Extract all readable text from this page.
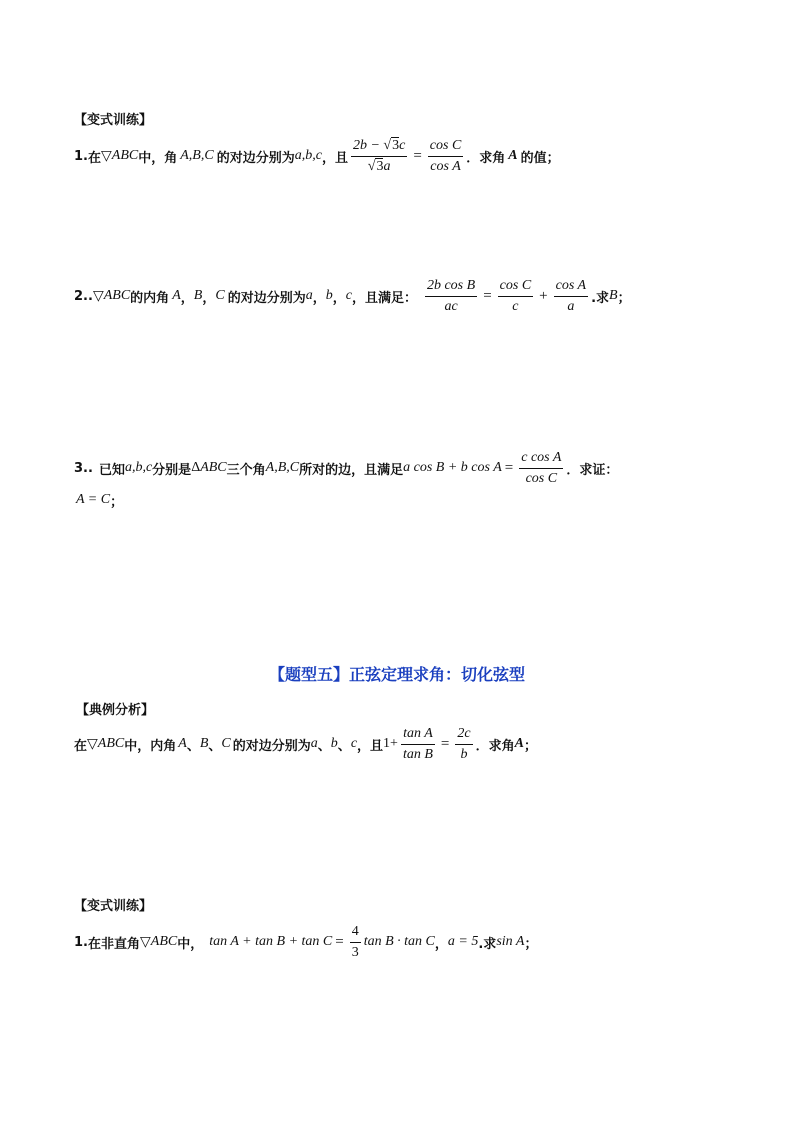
【变式训练】
1. 在 ▽ ABC 中，角 A,B,C 的对边分别为 a,b,c ，且 $\frac{2b - √3c}{√3a} = \frac{\text{cos C}}{\text{cos A}}$ ．求角 A 的值；
2.. ▽ ABC 的内角 A ， B ， C 的对边分别为 a ， b ， c ，且满足： $\frac{\text{2b cos B}}{ac} = \frac{\text{cos C}}{c} + \frac{\text{cos A}}{a}$ .求 B ；
3.. 已知 a,b,c 分别是 Δ ABC 三个角 A,B,C 所对的边，且满足 a cos B + b $\cos A = \frac{\text{c cos A}}{\text{cos C}}$ ．求证：
A = C ；
【题型五】正弦定理求角：切化弦型
【典例分析】
在 ▽ ABC 中，内角 A 、 B 、 C 的对边分别为 a 、 b 、 c ，且 $1+ \frac{\text{tan A}}{\text{tan B}} = \frac{2c}{b}$ ．求角 A ；
【变式训练】
1. 在非直角 ▽ ABC 中， $\tan A + \tan B + \tan C = \frac{4}{3}$ tan B · tan C ， a = 5 .求 sin A ；
